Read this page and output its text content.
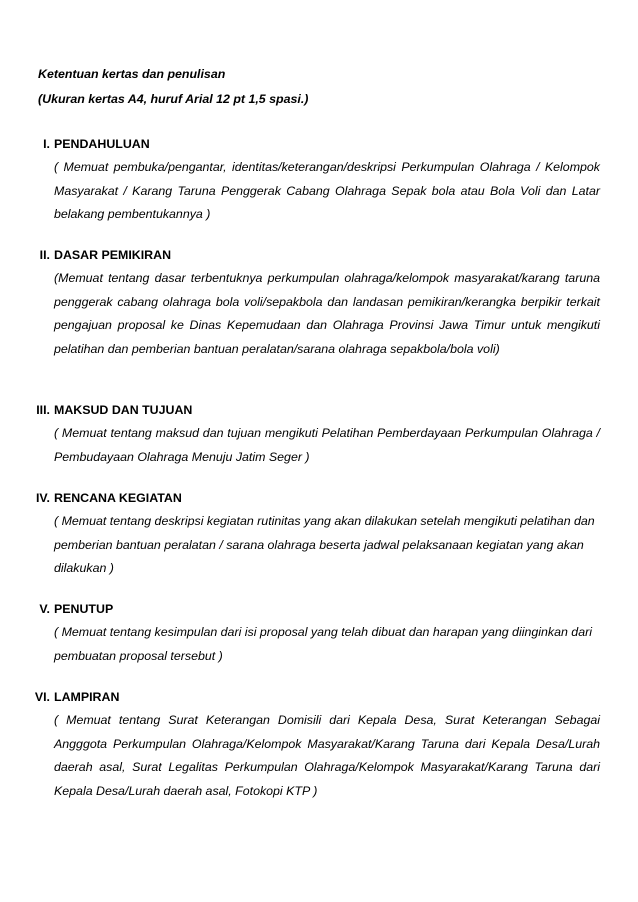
Ketentuan kertas dan penulisan
(Ukuran kertas A4, huruf Arial 12 pt 1,5 spasi.)
I. PENDAHULUAN
( Memuat pembuka/pengantar, identitas/keterangan/deskripsi Perkumpulan Olahraga / Kelompok Masyarakat / Karang Taruna Penggerak Cabang Olahraga Sepak bola atau Bola Voli dan Latar belakang pembentukannya )
II. DASAR PEMIKIRAN
(Memuat tentang dasar terbentuknya perkumpulan olahraga/kelompok masyarakat/karang taruna penggerak cabang olahraga bola voli/sepakbola dan landasan pemikiran/kerangka berpikir terkait pengajuan proposal ke Dinas Kepemudaan dan Olahraga Provinsi Jawa Timur untuk mengikuti pelatihan dan pemberian bantuan peralatan/sarana olahraga sepakbola/bola voli)
III. MAKSUD DAN TUJUAN
( Memuat tentang maksud dan tujuan mengikuti Pelatihan Pemberdayaan Perkumpulan Olahraga / Pembudayaan Olahraga Menuju Jatim Seger )
IV. RENCANA KEGIATAN
( Memuat tentang deskripsi kegiatan rutinitas yang akan dilakukan setelah mengikuti pelatihan dan pemberian bantuan peralatan / sarana olahraga beserta jadwal pelaksanaan kegiatan yang akan dilakukan )
V. PENUTUP
( Memuat tentang kesimpulan dari isi proposal yang telah dibuat dan harapan yang diinginkan dari pembuatan proposal tersebut )
VI. LAMPIRAN
( Memuat tentang Surat Keterangan Domisili dari Kepala Desa, Surat Keterangan Sebagai Angggota Perkumpulan Olahraga/Kelompok Masyarakat/Karang Taruna dari Kepala Desa/Lurah daerah asal, Surat Legalitas Perkumpulan Olahraga/Kelompok Masyarakat/Karang Taruna dari Kepala Desa/Lurah daerah asal, Fotokopi KTP )
